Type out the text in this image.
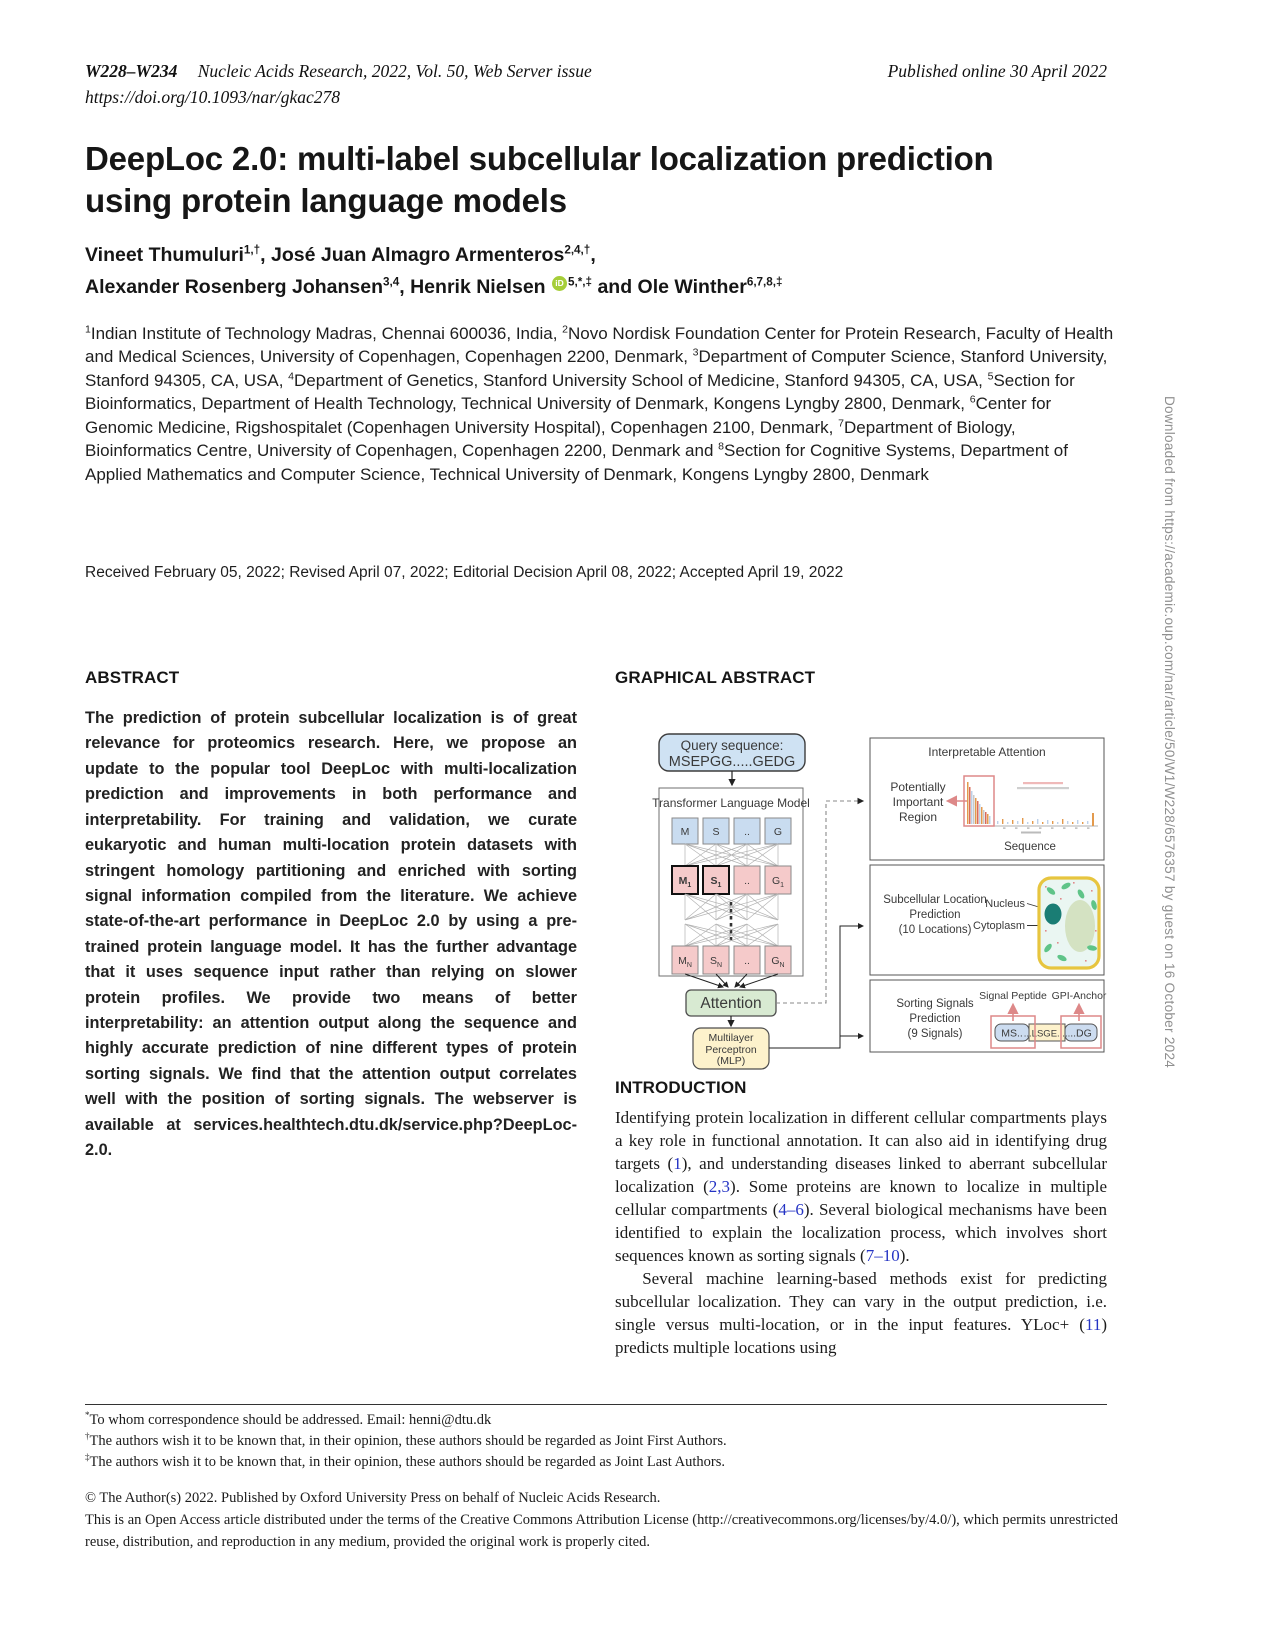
W228–W234 Nucleic Acids Research, 2022, Vol. 50, Web Server issue	Published online 30 April 2022
https://doi.org/10.1093/nar/gkac278
DeepLoc 2.0: multi-label subcellular localization prediction using protein language models
Vineet Thumuluri$^{1,\dagger}$, José Juan Almagro Armenteros$^{2,4,\dagger}$,
Alexander Rosenberg Johansen$^{3,4}$, Henrik Nielsen iD $^{5,*,\ddagger}$ and Ole Winther$^{6,7,8,\ddagger}$

$^1$Indian Institute of Technology Madras, Chennai 600036, India, $^2$Novo Nordisk Foundation Center for Protein Research, Faculty of Health and Medical Sciences, University of Copenhagen, Copenhagen 2200, Denmark, $^3$Department of Computer Science, Stanford University, Stanford 94305, CA, USA, $^4$Department of Genetics, Stanford University School of Medicine, Stanford 94305, CA, USA, $^5$Section for Bioinformatics, Department of Health Technology, Technical University of Denmark, Kongens Lyngby 2800, Denmark, $^6$Center for Genomic Medicine, Rigshospitalet (Copenhagen University Hospital), Copenhagen 2100, Denmark, $^7$Department of Biology, Bioinformatics Centre, University of Copenhagen, Copenhagen 2200, Denmark and $^8$Section for Cognitive Systems, Department of Applied Mathematics and Computer Science, Technical University of Denmark, Kongens Lyngby 2800, Denmark

Received February 05, 2022; Revised April 07, 2022; Editorial Decision April 08, 2022; Accepted April 19, 2022

ABSTRACT

The prediction of protein subcellular localization is of great relevance for proteomics research. Here, we propose an update to the popular tool DeepLoc with multi-localization prediction and improvements in both performance and interpretability. For training and validation, we curate eukaryotic and human multi-location protein datasets with stringent homology partitioning and enriched with sorting signal information compiled from the literature. We achieve state-of-the-art performance in DeepLoc 2.0 by using a pre-trained protein language model. It has the further advantage that it uses sequence input rather than relying on slower protein profiles. We provide two means of better interpretability: an attention output along the sequence and highly accurate prediction of nine different types of protein sorting signals. We find that the attention output correlates well with the position of sorting signals. The webserver is available at services.healthtech.dtu.dk/service.php?DeepLoc-2.0.

GRAPHICAL ABSTRACT
Query sequence:
MSEPGG.....GEDG
Transformer Language Model
M S .. G
$M_1$ $S_1$ .. $G_1$
$M_N$ $S_N$ .. $G_N$
Attention
Multilayer
Perceptron
(MLP)
Interpretable Attention
Potentially
Important
Region
Sequence
Subcellular Location
Prediction
(10 Locations)
Nucleus
Cytoplasm
Sorting Signals
Prediction
(9 Signals)
Signal Peptide GPI-Anchor
MS.. ...LSGE..... ..DG
INTRODUCTION

Identifying protein localization in different cellular compartments plays a key role in functional annotation. It can also aid in identifying drug targets (1), and understanding diseases linked to aberrant subcellular localization (2,3). Some proteins are known to localize in multiple cellular compartments (4–6). Several biological mechanisms have been identified to explain the localization process, which involves short sequences known as sorting signals (7–10).

Several machine learning-based methods exist for predicting subcellular localization. They can vary in the output prediction, i.e. single versus multi-location, or in the input features. YLoc+ (11) predicts multiple locations using

*To whom correspondence should be addressed. Email: henni@dtu.dk

†The authors wish it to be known that, in their opinion, these authors should be regarded as Joint First Authors.

‡The authors wish it to be known that, in their opinion, these authors should be regarded as Joint Last Authors.

© The Author(s) 2022. Published by Oxford University Press on behalf of Nucleic Acids Research.

This is an Open Access article distributed under the terms of the Creative Commons Attribution License (http://creativecommons.org/licenses/by/4.0/), which permits unrestricted reuse, distribution, and reproduction in any medium, provided the original work is properly cited.

Downloaded from https://academic.oup.com/nar/article/50/W1/W228/6576357 by guest on 16 October 2024
